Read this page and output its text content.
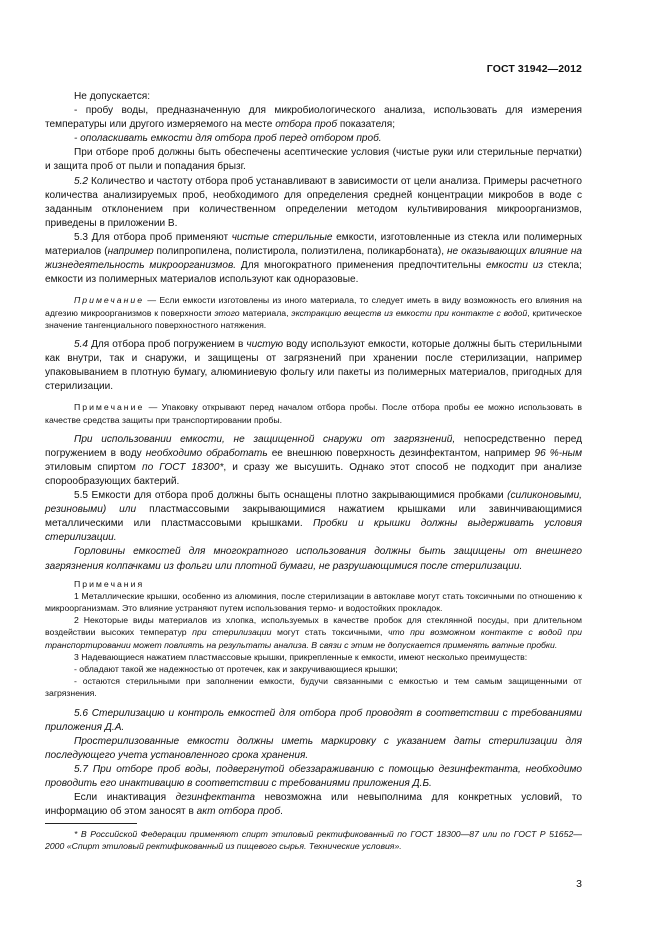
ГОСТ 31942—2012

Не допускается:

- пробу воды, предназначенную для микробиологического анализа, использовать для измерения температуры или другого измеряемого на месте отбора проб показателя;

- ополаскивать емкости для отбора проб перед отбором проб.

При отборе проб должны быть обеспечены асептические условия (чистые руки или стерильные перчатки) и защита проб от пыли и попадания брызг.

5.2 Количество и частоту отбора проб устанавливают в зависимости от цели анализа. Примеры расчетного количества анализируемых проб, необходимого для определения средней концентрации микробов в воде с заданным отклонением при количественном определении методом культивирования микроорганизмов, приведены в приложении В.

5.3 Для отбора проб применяют чистые стерильные емкости, изготовленные из стекла или полимерных материалов (например полипропилена, полистирола, полиэтилена, поликарбоната), не оказывающих влияние на жизнедеятельность микроорганизмов. Для многократного применения предпочтительны емкости из стекла; емкости из полимерных материалов используют как одноразовые.

Примечание — Если емкости изготовлены из иного материала, то следует иметь в виду возможность его влияния на адгезию микроорганизмов к поверхности этого материала, экстракцию веществ из емкости при контакте с водой, критическое значение тангенциального поверхностного натяжения.

5.4 Для отбора проб погружением в чистую воду используют емкости, которые должны быть стерильными как внутри, так и снаружи, и защищены от загрязнений при хранении после стерилизации, например упаковыванием в плотную бумагу, алюминиевую фольгу или пакеты из полимерных материалов, пригодных для стерилизации.

Примечание — Упаковку открывают перед началом отбора пробы. После отбора пробы ее можно использовать в качестве средства защиты при транспортировании пробы.

При использовании емкости, не защищенной снаружи от загрязнений, непосредственно перед погружением в воду необходимо обработать ее внешнюю поверхность дезинфектантом, например 96 %-ным этиловым спиртом по ГОСТ 18300*, и сразу же высушить. Однако этот способ не подходит при анализе спорообразующих бактерий.

5.5 Емкости для отбора проб должны быть оснащены плотно закрывающимися пробками (силиконовыми, резиновыми) или пластмассовыми закрывающимися нажатием крышками или завинчивающимися металлическими или пластмассовыми крышками. Пробки и крышки должны выдерживать условия стерилизации.

Горловины емкостей для многократного использования должны быть защищены от внешнего загрязнения колпачками из фольги или плотной бумаги, не разрушающимися после стерилизации.

Примечания

1 Металлические крышки, особенно из алюминия, после стерилизации в автоклаве могут стать токсичными по отношению к микроорганизмам. Это влияние устраняют путем использования термо- и водостойких прокладок.

2 Некоторые виды материалов из хлопка, используемых в качестве пробок для стеклянной посуды, при длительном воздействии высоких температур при стерилизации могут стать токсичными, что при возможном контакте с водой при транспортировании может повлиять на результаты анализа. В связи с этим не допускается применять ватные пробки.

3 Надевающиеся нажатием пластмассовые крышки, прикрепленные к емкости, имеют несколько преимуществ:

- обладают такой же надежностью от протечек, как и закручивающиеся крышки;

- остаются стерильными при заполнении емкости, будучи связанными с емкостью и тем самым защищенными от загрязнения.

5.6 Стерилизацию и контроль емкостей для отбора проб проводят в соответствии с требованиями приложения Д.А.

Простерилизованные емкости должны иметь маркировку с указанием даты стерилизации для последующего учета установленного срока хранения.

5.7 При отборе проб воды, подвергнутой обеззараживанию с помощью дезинфектанта, необходимо проводить его инактивацию в соответствии с требованиями приложения Д.Б.

Если инактивация дезинфектанта невозможна или невыполнима для конкретных условий, то информацию об этом заносят в акт отбора проб.

* В Российской Федерации применяют спирт этиловый ректификованный по ГОСТ 18300—87 или по ГОСТ Р 51652—2000 «Спирт этиловый ректификованный из пищевого сырья. Технические условия».

3
